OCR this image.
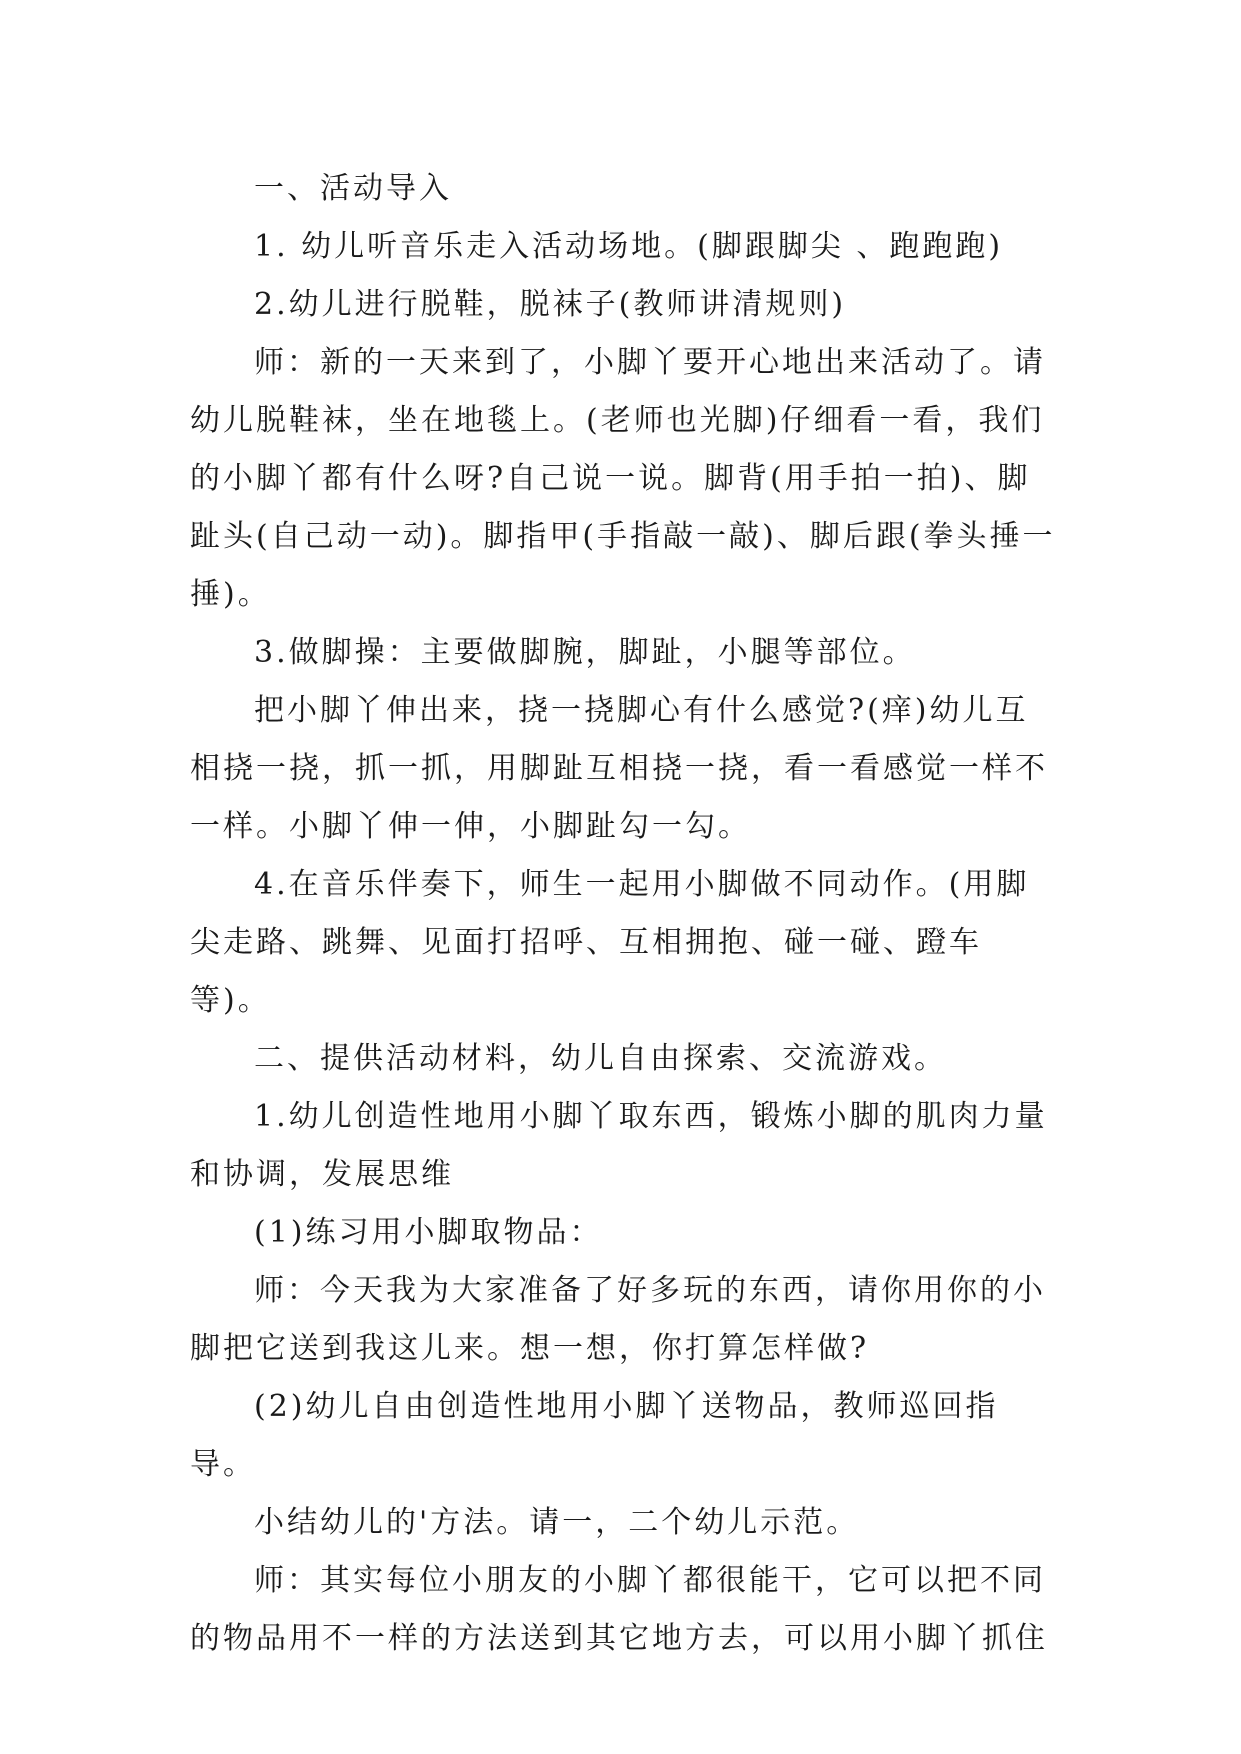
一、活动导入

1. 幼儿听音乐走入活动场地。(脚跟脚尖 、跑跑跑)

2.幼儿进行脱鞋，脱袜子(教师讲清规则)

师：新的一天来到了，小脚丫要开心地出来活动了。请幼儿脱鞋袜，坐在地毯上。(老师也光脚)仔细看一看，我们的小脚丫都有什么呀?自己说一说。脚背(用手拍一拍)、脚趾头(自己动一动)。脚指甲(手指敲一敲)、脚后跟(拳头捶一捶)。

3.做脚操：主要做脚腕，脚趾，小腿等部位。

把小脚丫伸出来，挠一挠脚心有什么感觉?(痒)幼儿互相挠一挠，抓一抓，用脚趾互相挠一挠，看一看感觉一样不一样。小脚丫伸一伸，小脚趾勾一勾。

4.在音乐伴奏下，师生一起用小脚做不同动作。(用脚尖走路、跳舞、见面打招呼、互相拥抱、碰一碰、蹬车等)。

二、提供活动材料，幼儿自由探索、交流游戏。

1.幼儿创造性地用小脚丫取东西，锻炼小脚的肌肉力量和协调，发展思维

(1)练习用小脚取物品：

师：今天我为大家准备了好多玩的东西，请你用你的小脚把它送到我这儿来。想一想，你打算怎样做?

(2)幼儿自由创造性地用小脚丫送物品，教师巡回指导。

小结幼儿的'方法。请一，二个幼儿示范。

师：其实每位小朋友的小脚丫都很能干，它可以把不同的物品用不一样的方法送到其它地方去，可以用小脚丫抓住
